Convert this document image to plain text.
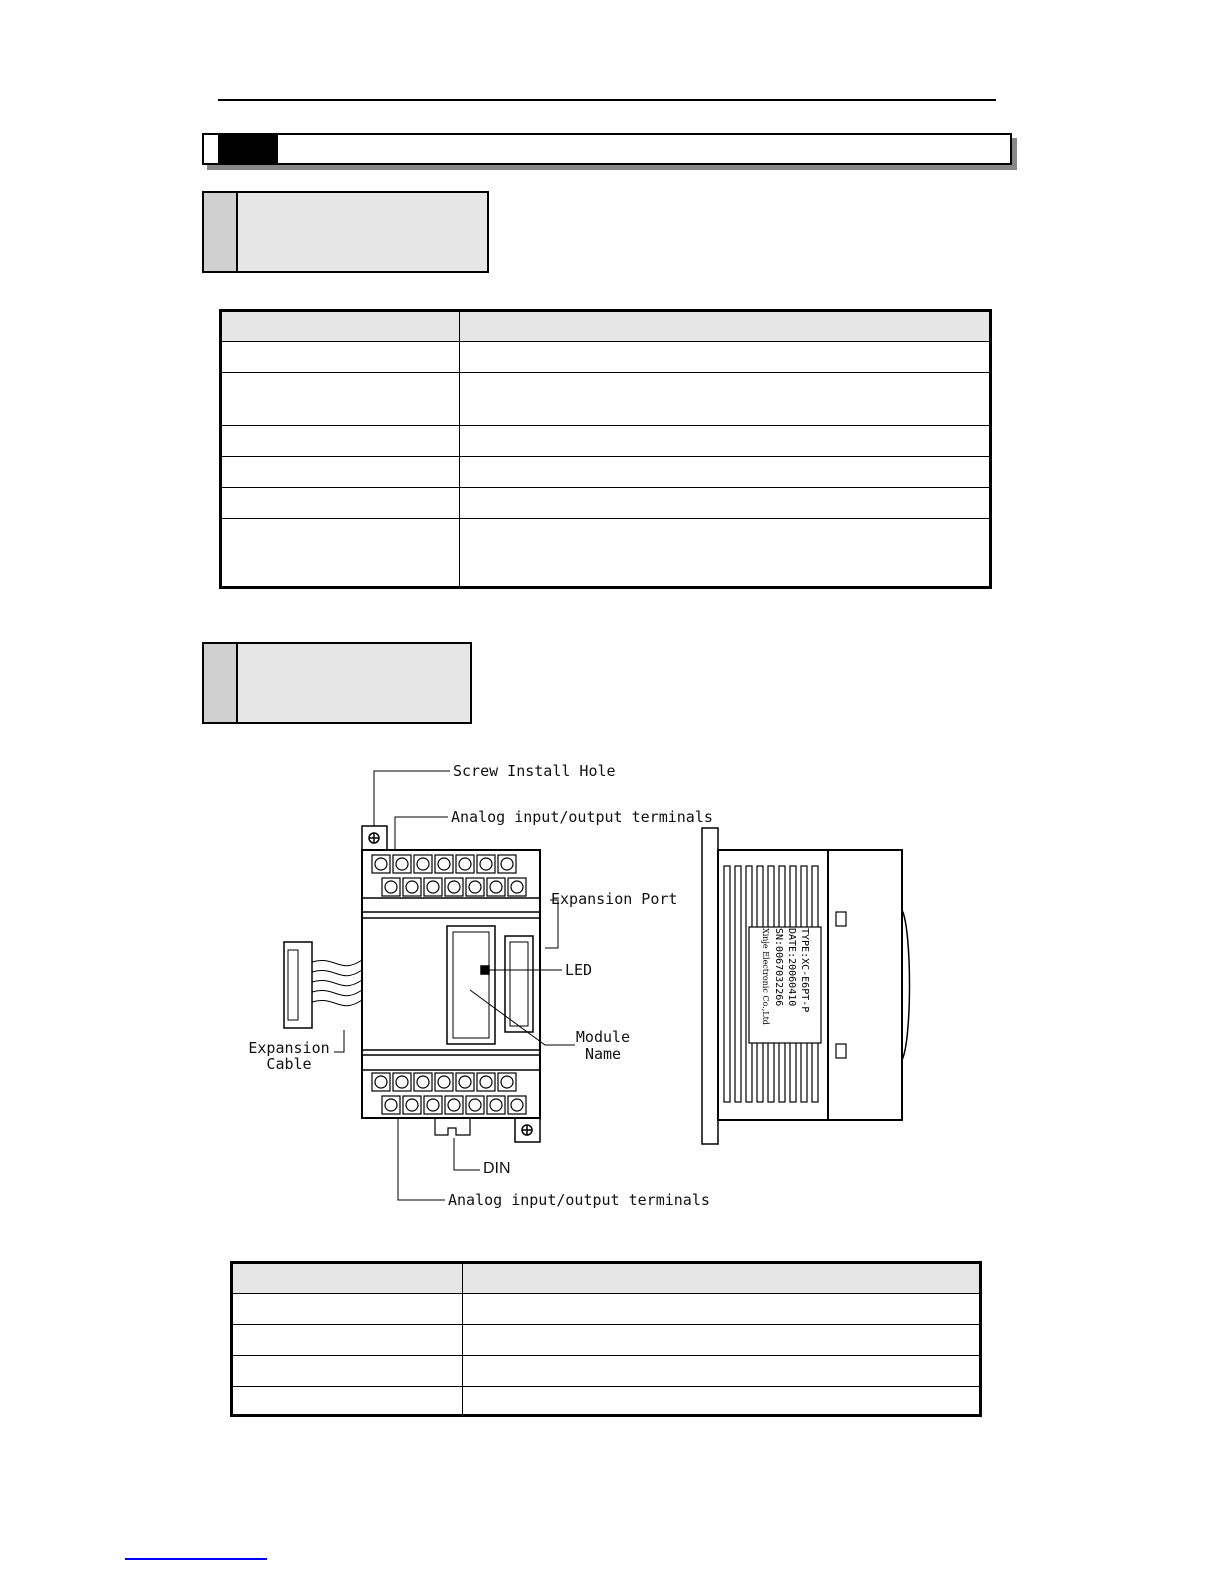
TYPE:XC-E6PT-P
DATE:20060410
SN:0067032266
Xinje Electronic Co.,Ltd
Screw Install Hole
Analog input/output terminals
Expansion Port
LED
Module
Name
Expansion
Cable
DIN
Analog input/output terminals
